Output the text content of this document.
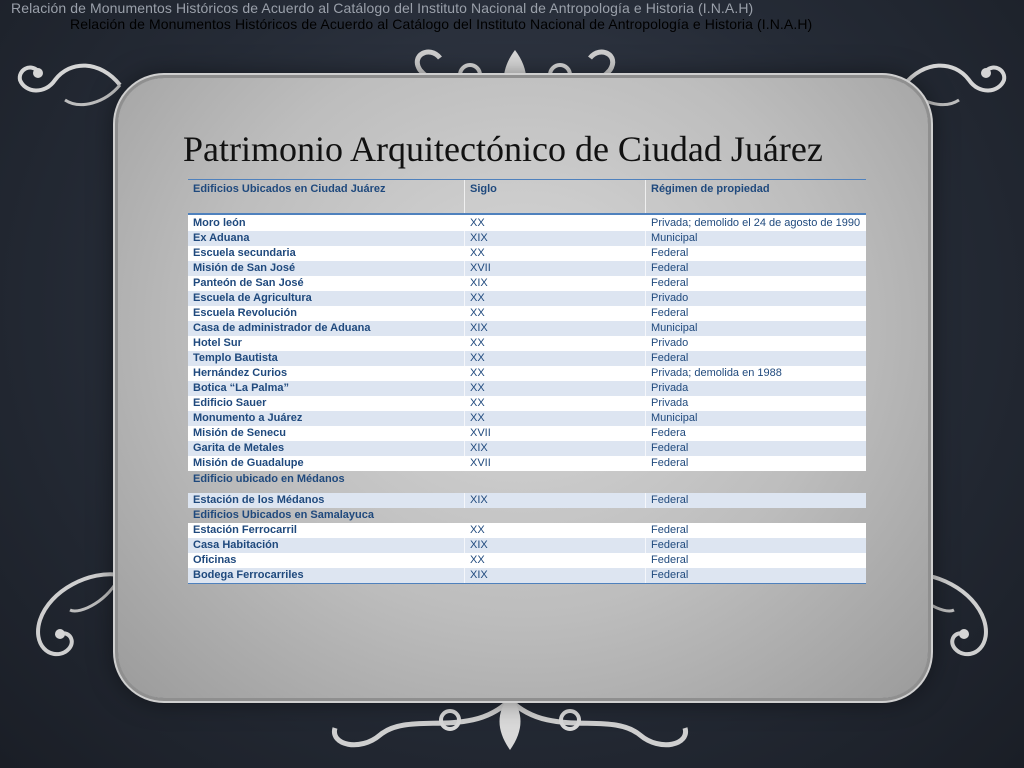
Relación de Monumentos Históricos de Acuerdo al Catálogo del Instituto Nacional de Antropología e Historia (I.N.A.H)
Relación de Monumentos Históricos de Acuerdo al Catálogo del Instituto Nacional de Antropología e Historia (I.N.A.H)
Patrimonio Arquitectónico de Ciudad Juárez
Edificios Ubicados en Ciudad Juárez	Siglo	Régimen de propiedad
Moro león	XX	Privada; demolido el 24 de agosto de 1990
Ex Aduana	XIX	Municipal
Escuela secundaria	XX	Federal
Misión de San José	XVII	Federal
Panteón de San José	XIX	Federal
Escuela de Agricultura	XX	Privado
Escuela Revolución	XX	Federal
Casa de administrador de Aduana	XIX	Municipal
Hotel Sur	XX	Privado
Templo Bautista	XX	Federal
Hernández Curios	XX	Privada; demolida en 1988
Botica “La Palma”	XX	Privada
Edificio Sauer	XX	Privada
Monumento a Juárez	XX	Municipal
Misión de Senecu	XVII	Federa
Garita de Metales	XIX	Federal
Misión de Guadalupe	XVII	Federal
Edificio ubicado en Médanos
Estación de los Médanos	XIX	Federal
Edificios Ubicados en Samalayuca
Estación Ferrocarril	XX	Federal
Casa Habitación	XIX	Federal
Oficinas	XX	Federal
Bodega Ferrocarriles	XIX	Federal
